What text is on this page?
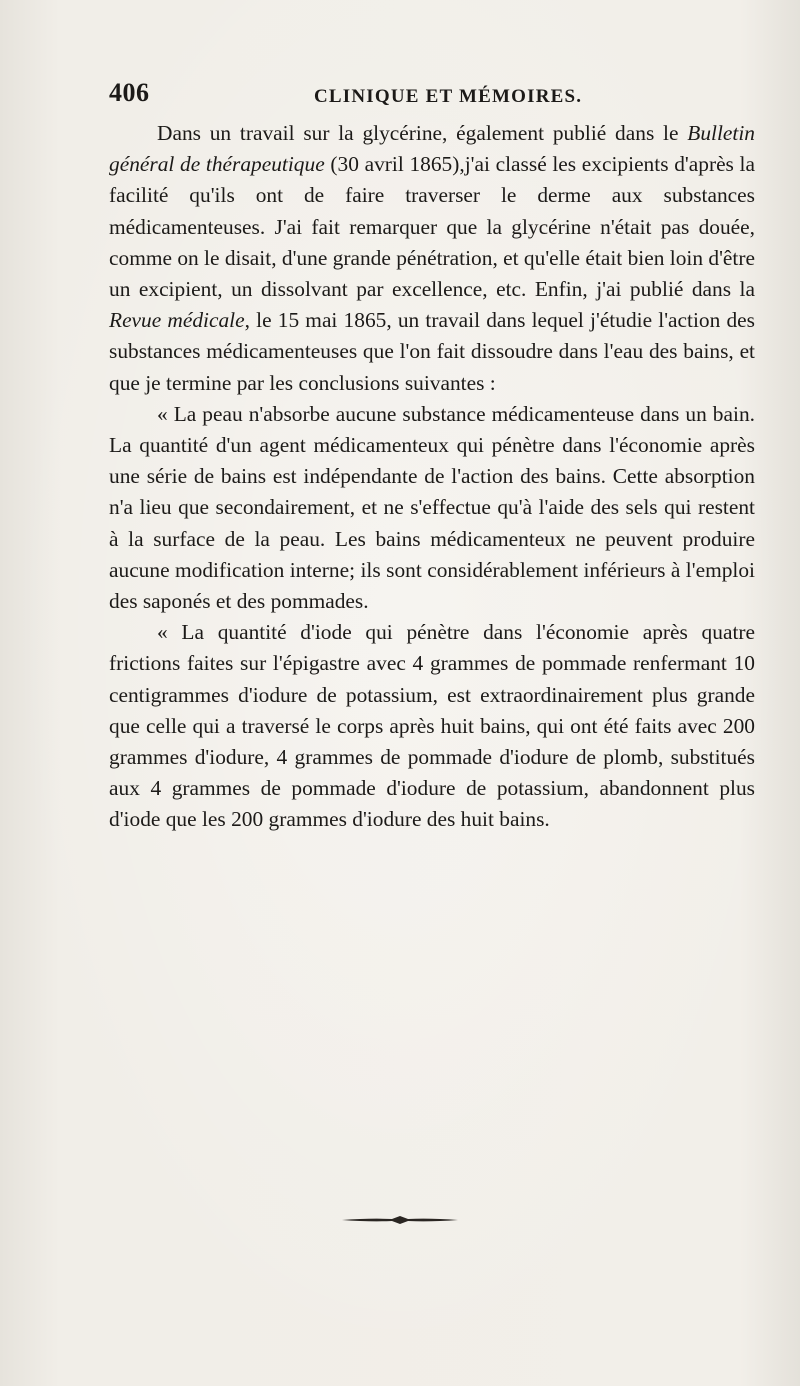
406	CLINIQUE ET MÉMOIRES.

Dans un travail sur la glycérine, également publié dans le Bulletin général de thérapeutique (30 avril 1865),j'ai classé les excipients d'après la facilité qu'ils ont de faire traverser le derme aux substances médicamenteuses. J'ai fait remarquer que la glycérine n'était pas douée, comme on le disait, d'une grande pénétration, et qu'elle était bien loin d'être un excipient, un dissolvant par excellence, etc. Enfin, j'ai publié dans la Revue médicale, le 15 mai 1865, un travail dans lequel j'étudie l'action des substances médicamenteuses que l'on fait dissoudre dans l'eau des bains, et que je termine par les conclusions suivantes :

« La peau n'absorbe aucune substance médicamenteuse dans un bain. La quantité d'un agent médicamenteux qui pénètre dans l'économie après une série de bains est indépendante de l'action des bains. Cette absorption n'a lieu que secondairement, et ne s'effectue qu'à l'aide des sels qui restent à la surface de la peau. Les bains médicamenteux ne peuvent produire aucune modification interne; ils sont considérablement inférieurs à l'emploi des saponés et des pommades.

« La quantité d'iode qui pénètre dans l'économie après quatre frictions faites sur l'épigastre avec 4 grammes de pommade renfermant 10 centigrammes d'iodure de potassium, est extraordinairement plus grande que celle qui a traversé le corps après huit bains, qui ont été faits avec 200 grammes d'iodure, 4 grammes de pommade d'iodure de plomb, substitués aux 4 grammes de pommade d'iodure de potassium, abandonnent plus d'iode que les 200 grammes d'iodure des huit bains.
